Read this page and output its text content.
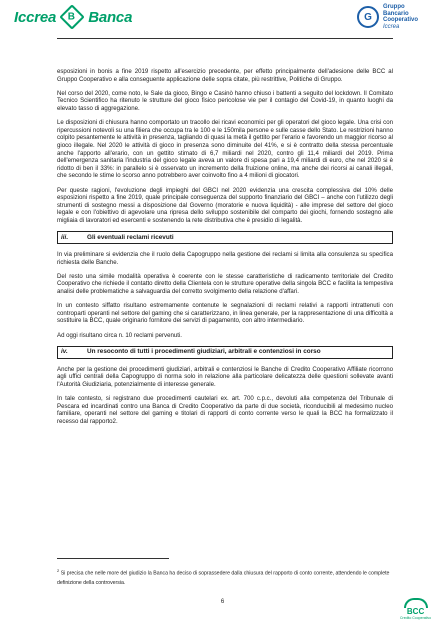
Iccrea B Banca	G
Gruppo
Bancario
Cooperativo
Iccrea

esposizioni in bonis a fine 2019 rispetto all'esercizio precedente, per effetto principalmente dell'adesione delle BCC al Gruppo Cooperativo e alla conseguente applicazione delle sopra citate, più restrittive, Politiche di Gruppo.

Nel corso del 2020, come noto, le Sale da gioco, Bingo e Casinò hanno chiuso i battenti a seguito del lockdown. Il Comitato Tecnico Scientifico ha ritenuto le strutture del gioco fisico pericolose vie per il contagio del Covid-19, in quanto luoghi da elevato tasso di aggregazione.

Le disposizioni di chiusura hanno comportato un tracollo dei ricavi economici per gli operatori del gioco legale. Una crisi con ripercussioni notevoli su una filiera che occupa tra le 100 e le 150mila persone e sulle casse dello Stato. Le restrizioni hanno colpito pesantemente le attività in presenza, tagliando di quasi la metà il gettito per l'erario e favorendo un maggior ricorso al gioco illegale. Nel 2020 le attività di gioco in presenza sono diminuite del 41%, e si è contratto della stessa percentuale anche l'apporto all'erario, con un gettito stimato di 6,7 miliardi nel 2020, contro gli 11,4 miliardi del 2019. Prima dell'emergenza sanitaria l'industria del gioco legale aveva un valore di spesa pari a 19,4 miliardi di euro, che nel 2020 si è ridotto di ben il 33%: in parallelo si è osservato un incremento della fruizione online, ma anche dei ricorsi ai canali illegali, che secondo le stime lo scorso anno potrebbero aver coinvolto fino a 4 milioni di giocatori.

Per queste ragioni, l'evoluzione degli impieghi del GBCI nel 2020 evidenzia una crescita complessiva del 10% delle esposizioni rispetto a fine 2019, quale principale conseguenza del supporto finanziario del GBCI – anche con l'utilizzo degli strumenti di sostegno messi a disposizione dal Governo (moratorie e nuova liquidità) - alle imprese del settore del gioco legale e con l'obiettivo di agevolare una ripresa dello sviluppo sostenibile del comparto dei giochi, fornendo sostegno alle migliaia di lavoratori ed esercenti e sostenendo la rete distributiva che è presidio di legalità.

iii.	Gli eventuali reclami ricevuti

In via preliminare si evidenzia che il ruolo della Capogruppo nella gestione dei reclami si limita alla consulenza su specifica richiesta delle Banche.

Del resto una simile modalità operativa è coerente con le stesse caratteristiche di radicamento territoriale del Credito Cooperativo che richiede il contatto diretto della Clientela con le strutture operative della singola BCC e facilita la tempestiva analisi delle problematiche a salvaguardia del corretto svolgimento della relazione d'affari.

In un contesto siffatto risultano estremamente contenute le segnalazioni di reclami relativi a rapporti intrattenuti con controparti operanti nel settore del gaming che si caratterizzano, in linea generale, per la rappresentazione di una difficoltà a sostituire la BCC, quale originario fornitore dei servizi di pagamento, con altro intermediario.

Ad oggi risultano circa n. 10 reclami pervenuti.

iv.	Un resoconto di tutti i procedimenti giudiziari, arbitrali e contenziosi in corso

Anche per la gestione dei procedimenti giudiziari, arbitrali e contenziosi le Banche di Credito Cooperativo Affiliate ricorrono agli uffici centrali della Capogruppo di norma solo in relazione alla particolare delicatezza delle questioni sollevate avanti l'Autorità Giudiziaria, potenzialmente di interesse generale.

In tale contesto, si registrano due procedimenti cautelari ex. art. 700 c.p.c., devoluti alla competenza del Tribunale di Pescara ed incardinati contro una Banca di Credito Cooperativo da parte di due società, riconducibili al medesimo nucleo familiare, operanti nel settore del gaming e titolari di rapporti di conto corrente verso le quali la BCC ha formalizzato il recesso dal rapporto2.

$^2$ Si precisa che nelle more del giudizio la Banca ha deciso di soprassedere dalla chiusura del rapporto di conto corrente, attendendo le complete definizione della controversia.
6
BCC
Credito Cooperativo
